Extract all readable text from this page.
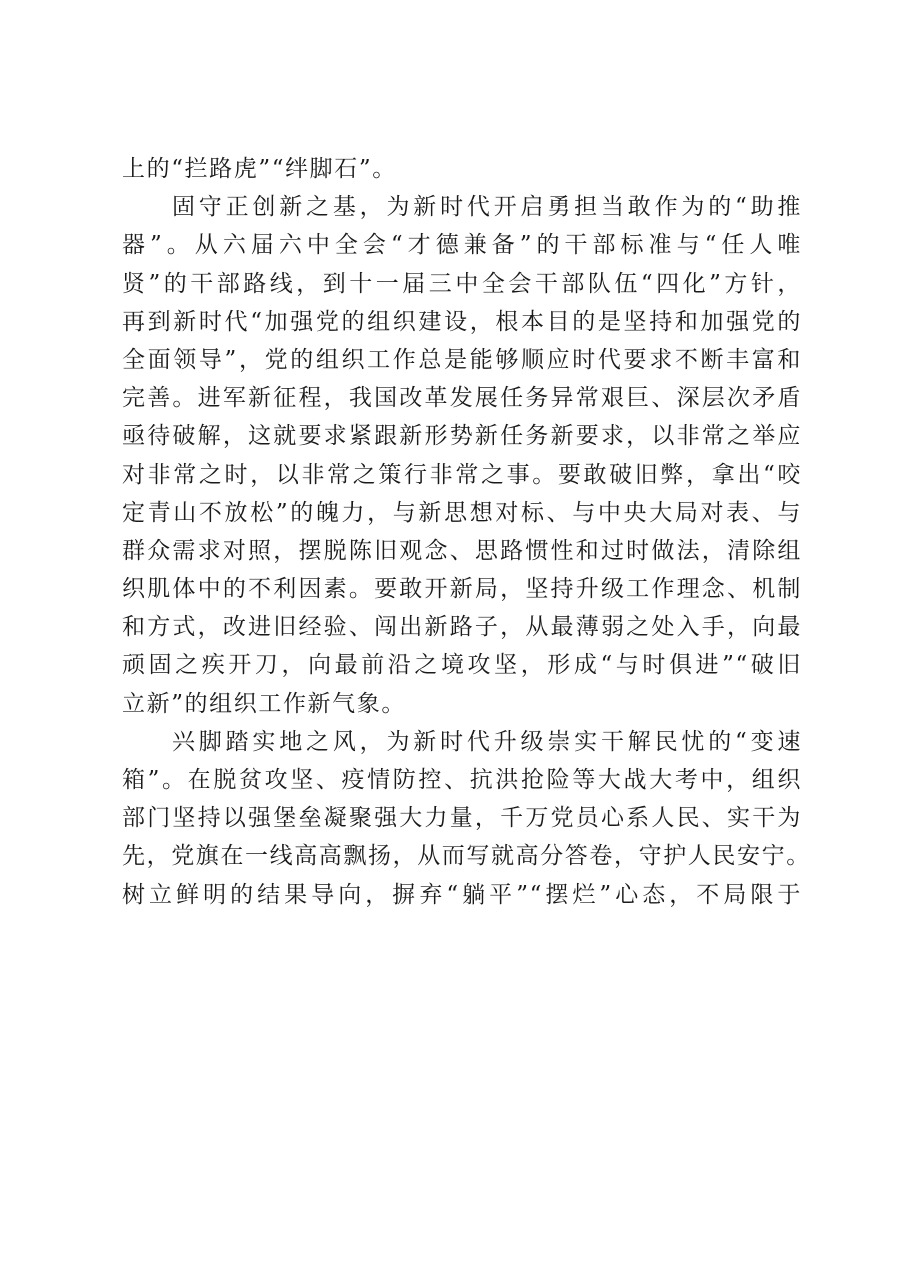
上的“拦路虎”“绊脚石”。
固守正创新之基，为新时代开启勇担当敢作为的“助推
器”。从六届六中全会“才德兼备”的干部标准与“任人唯
贤”的干部路线，到十一届三中全会干部队伍“四化”方针，
再到新时代“加强党的组织建设，根本目的是坚持和加强党的
全面领导”，党的组织工作总是能够顺应时代要求不断丰富和
完善。进军新征程，我国改革发展任务异常艰巨、深层次矛盾
亟待破解，这就要求紧跟新形势新任务新要求，以非常之举应
对非常之时，以非常之策行非常之事。要敢破旧弊，拿出“咬
定青山不放松”的魄力，与新思想对标、与中央大局对表、与
群众需求对照，摆脱陈旧观念、思路惯性和过时做法，清除组
织肌体中的不利因素。要敢开新局，坚持升级工作理念、机制
和方式，改进旧经验、闯出新路子，从最薄弱之处入手，向最
顽固之疾开刀，向最前沿之境攻坚，形成“与时俱进”“破旧
立新”的组织工作新气象。
兴脚踏实地之风，为新时代升级崇实干解民忧的“变速
箱”。在脱贫攻坚、疫情防控、抗洪抢险等大战大考中，组织
部门坚持以强堡垒凝聚强大力量，千万党员心系人民、实干为
先，党旗在一线高高飘扬，从而写就高分答卷，守护人民安宁。
树立鲜明的结果导向，摒弃“躺平”“摆烂”心态，不局限于
